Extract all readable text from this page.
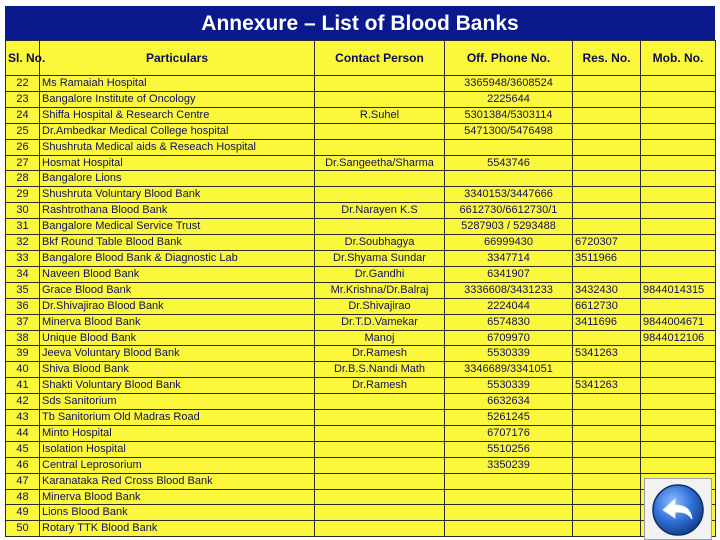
Annexure – List of Blood Banks
Sl. No.	Particulars	Contact Person	Off. Phone No.	Res. No.	Mob. No.
22	Ms Ramaiah Hospital		3365948/3608524		
23	Bangalore Institute of Oncology		2225644		
24	Shiffa Hospital & Research Centre	R.Suhel	5301384/5303114		
25	Dr.Ambedkar Medical College hospital		5471300/5476498		
26	Shushruta Medical aids & Reseach Hospital				
27	Hosmat Hospital	Dr.Sangeetha/Sharma	5543746		
28	Bangalore Lions				
29	Shushruta Voluntary Blood Bank		3340153/3447666		
30	Rashtrothana Blood Bank	Dr.Narayen K.S	6612730/6612730/1		
31	Bangalore Medical Service Trust		5287903 / 5293488		
32	Bkf Round Table Blood Bank	Dr.Soubhagya	66999430	6720307	
33	Bangalore Blood Bank & Diagnostic Lab	Dr.Shyama Sundar	3347714	3511966	
34	Naveen Blood Bank	Dr.Gandhi	6341907		
35	Grace Blood Bank	Mr.Krishna/Dr.Balraj	3336608/3431233	3432430	9844014315
36	Dr.Shivajirao Blood Bank	Dr.Shivajirao	2224044	6612730	
37	Minerva Blood Bank	Dr.T.D.Vamekar	6574830	3411696	9844004671
38	Unique Blood Bank	Manoj	6709970		9844012106
39	Jeeva Voluntary Blood Bank	Dr.Ramesh	5530339	5341263	
40	Shiva Blood Bank	Dr.B.S.Nandi Math	3346689/3341051		
41	Shakti Voluntary Blood Bank	Dr.Ramesh	5530339	5341263	
42	Sds Sanitorium		6632634		
43	Tb Sanitorium Old Madras Road		5261245		
44	Minto Hospital		6707176		
45	Isolation Hospital		5510256		
46	Central Leprosorium		3350239		
47	Karanataka Red Cross Blood Bank				
48	Minerva Blood Bank				
49	Lions Blood Bank				
50	Rotary TTK Blood Bank				
